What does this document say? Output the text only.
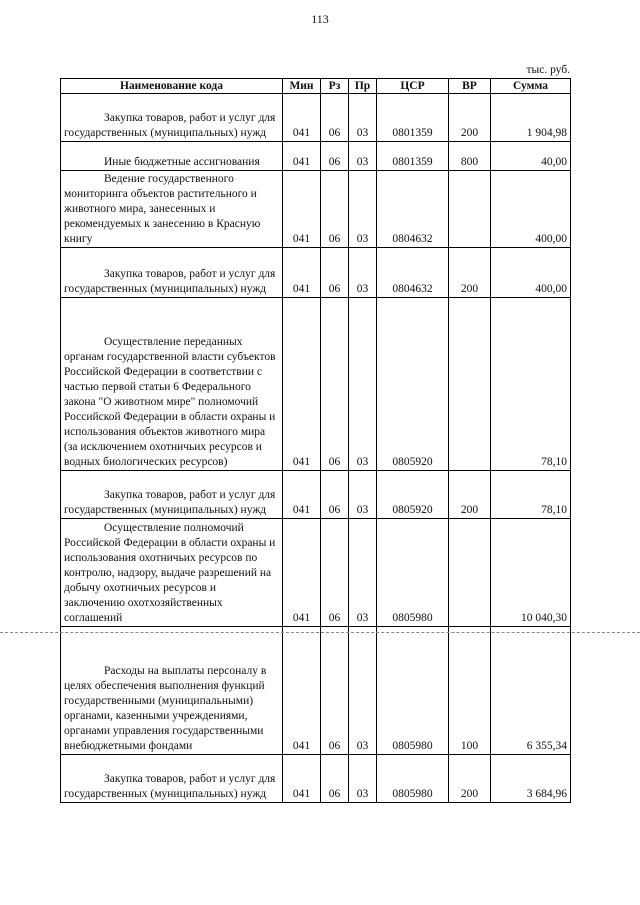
113
тыс. руб.
Наименование кода	Мин	Рз	Пр	ЦСР	ВР	Сумма

Закупка товаров, работ и услуг для государственных (муниципальных) нужд	041	06	03	0801359	200	1 904,98

Иные бюджетные ассигнования	041	06	03	0801359	800	40,00

Ведение государственного мониторинга объектов растительного и животного мира, занесенных и рекомендуемых к занесению в Красную книгу	041	06	03	0804632		400,00

Закупка товаров, работ и услуг для государственных (муниципальных) нужд	041	06	03	0804632	200	400,00

Осуществление переданных органам государственной власти субъектов Российской Федерации в соответствии с частью первой статьи 6 Федерального закона "О животном мире" полномочий Российской Федерации в области охраны и использования объектов животного мира (за исключением охотничьих ресурсов и водных биологических ресурсов)	041	06	03	0805920		78,10

Закупка товаров, работ и услуг для государственных (муниципальных) нужд	041	06	03	0805920	200	78,10

Осуществление полномочий Российской Федерации в области охраны и использования охотничьих ресурсов по контролю, надзору, выдаче разрешений на добычу охотничьих ресурсов и заключению охотхозяйственных соглашений	041	06	03	0805980		10 040,30

Расходы на выплаты персоналу в целях обеспечения выполнения функций государственными (муниципальными) органами, казенными учреждениями, органами управления государственными внебюджетными фондами	041	06	03	0805980	100	6 355,34

Закупка товаров, работ и услуг для государственных (муниципальных) нужд	041	06	03	0805980	200	3 684,96
